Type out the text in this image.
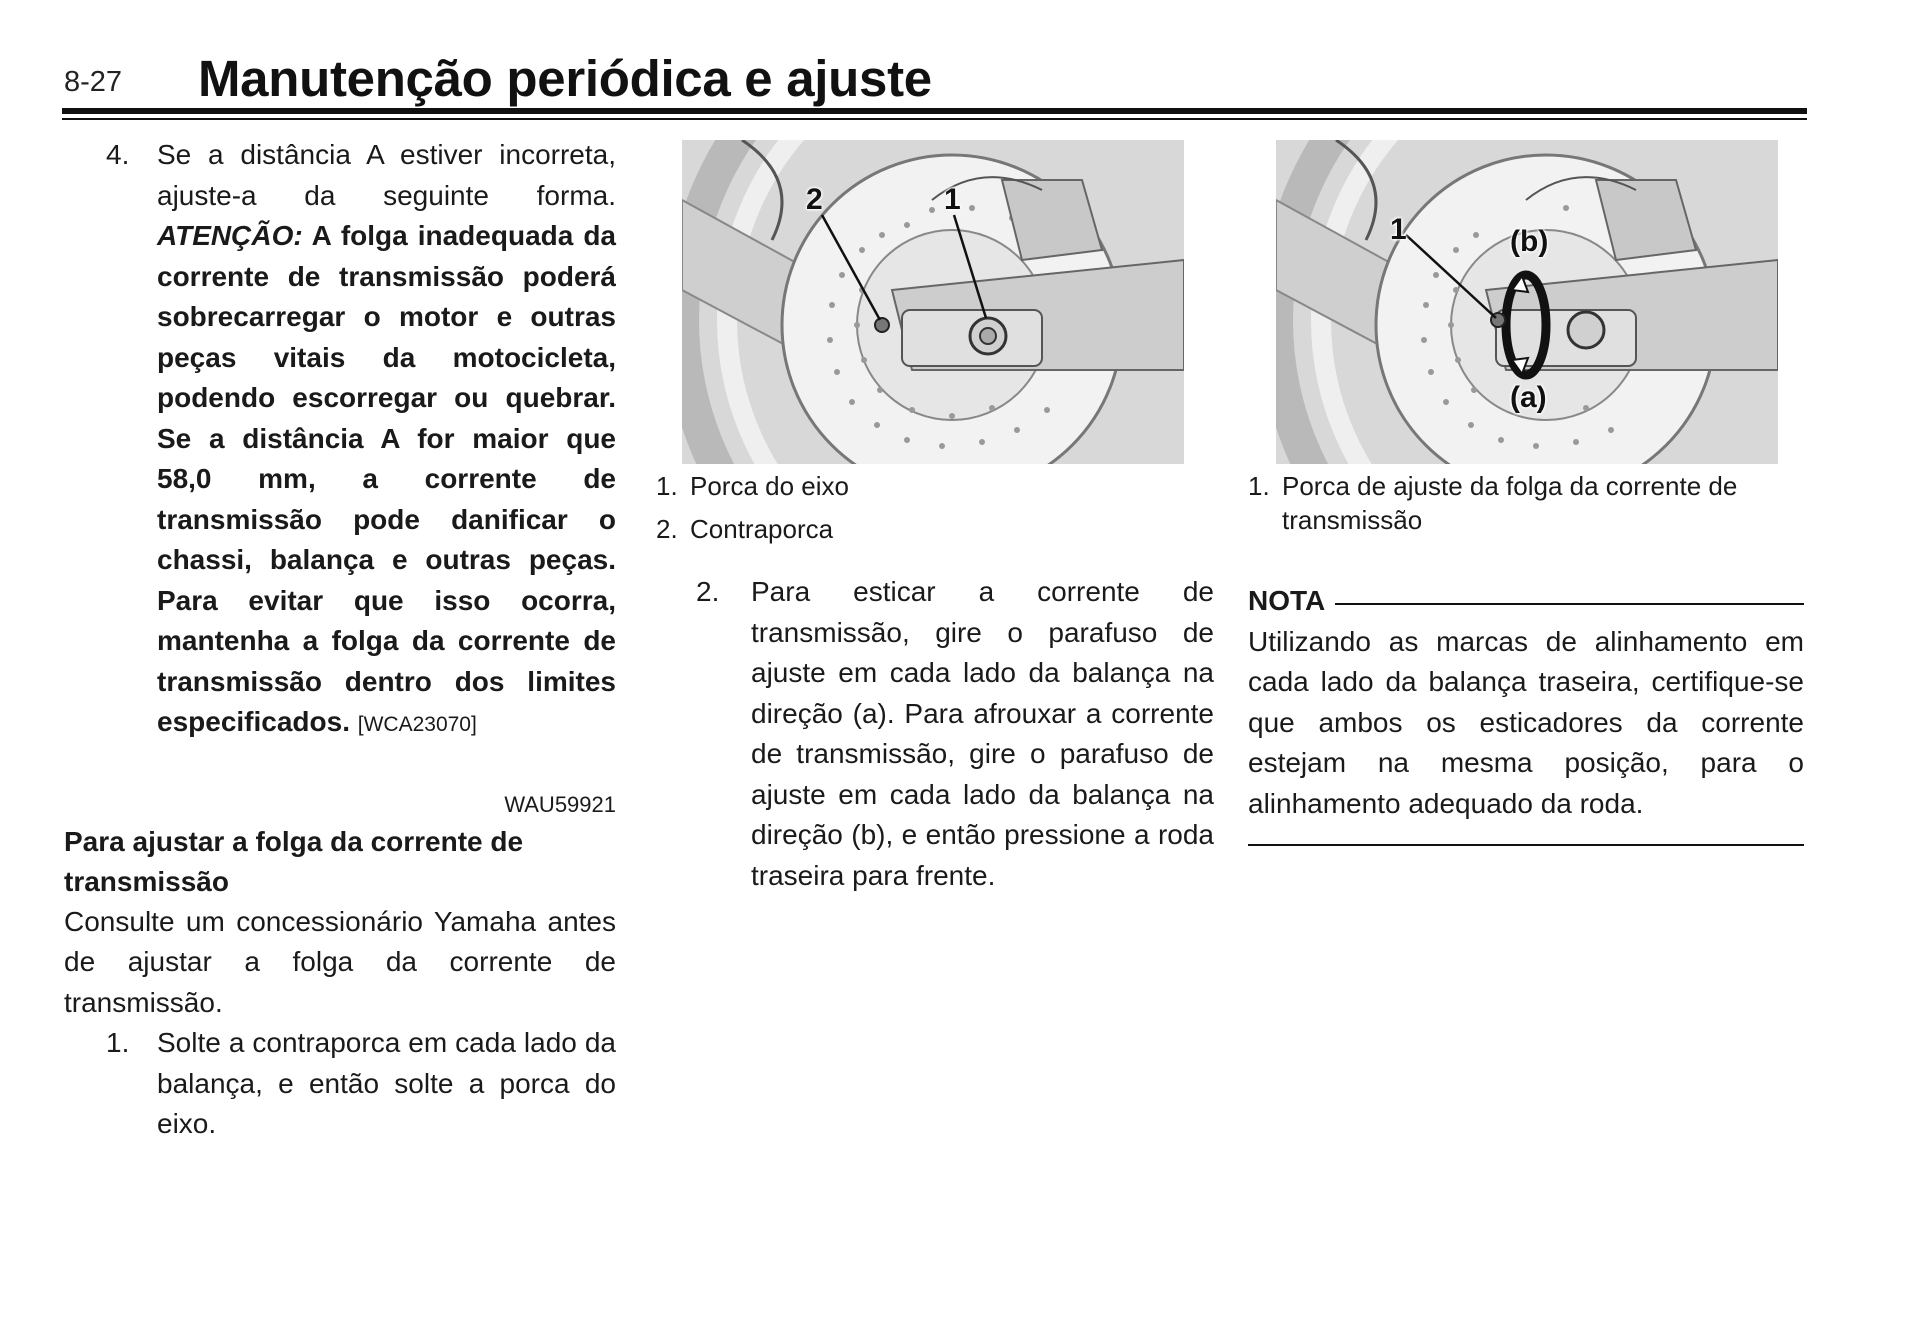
8-27 Manutenção periódica e ajuste
4. Se a distância A estiver incorreta, ajuste-a da seguinte forma. ATENÇÃO: A folga inadequada da corrente de transmissão poderá sobrecarregar o motor e outras peças vitais da motocicleta, podendo escorregar ou quebrar. Se a distância A for maior que 58,0 mm, a corrente de transmissão pode danificar o chassi, balança e outras peças. Para evitar que isso ocorra, mantenha a folga da corrente de transmissão dentro dos limites especificados. [WCA23070]
WAU59921
Para ajustar a folga da corrente de transmissão
Consulte um concessionário Yamaha antes de ajustar a folga da corrente de transmissão.
1. Solte a contraporca em cada lado da balança, e então solte a porca do eixo.
2	1
1. Porca do eixo
2. Contraporca
2. Para esticar a corrente de transmissão, gire o parafuso de ajuste em cada lado da balança na direção (a). Para afrouxar a corrente de transmissão, gire o parafuso de ajuste em cada lado da balança na direção (b), e então pressione a roda traseira para frente.
1	(b)
(a)
1. Porca de ajuste da folga da corrente de transmissão
NOTA
Utilizando as marcas de alinhamento em cada lado da balança traseira, certifique-se que ambos os esticadores da corrente estejam na mesma posição, para o alinhamento adequado da roda.
